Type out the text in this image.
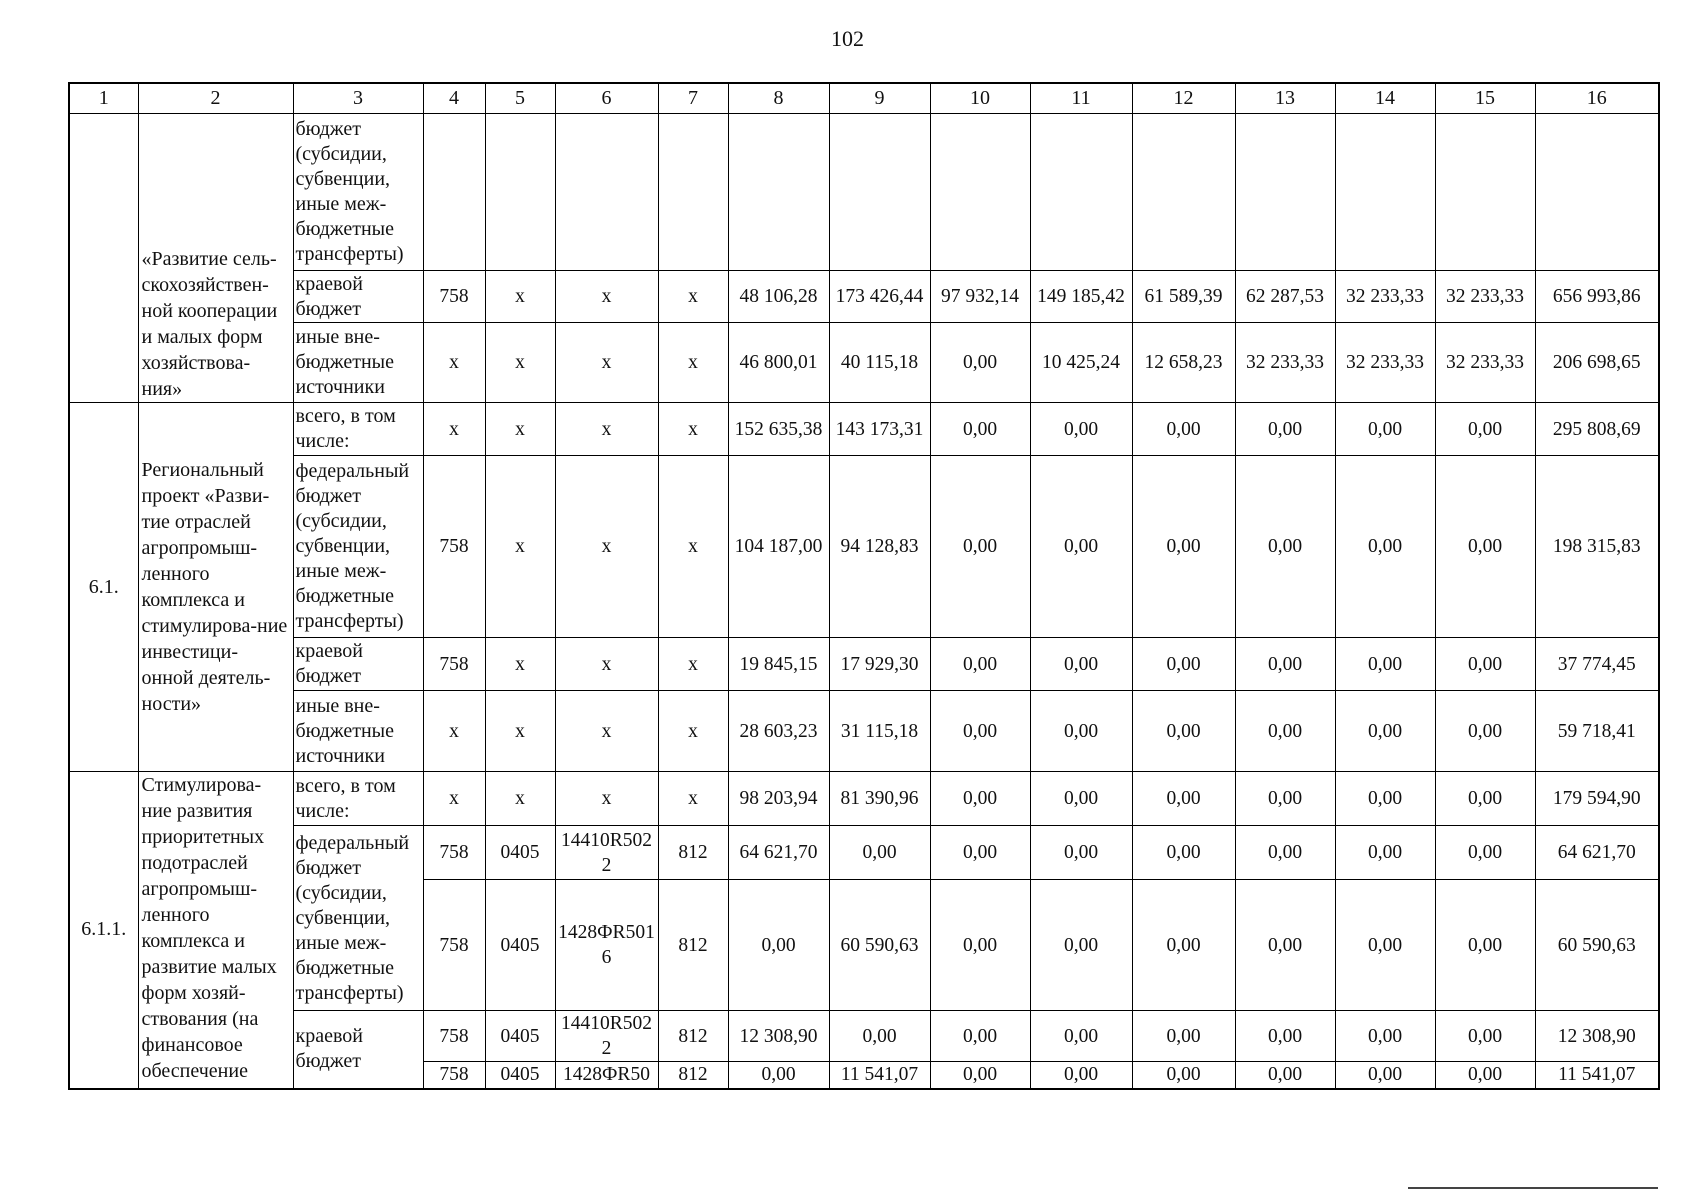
102
1	2	3	4	5	6	7	8	9	10	11	12	13	14	15	16
	«Развитие сель-скохозяйствен-ной кооперации и малых форм хозяйствова-ния»	бюджет (субсидии, субвенции, иные меж-бюджетные трансферты)													
		краевой бюджет	758	х	х	х	48 106,28	173 426,44	97 932,14	149 185,42	61 589,39	62 287,53	32 233,33	32 233,33	656 993,86
		иные вне-бюджетные источники	х	х	х	х	46 800,01	40 115,18	0,00	10 425,24	12 658,23	32 233,33	32 233,33	32 233,33	206 698,65
6.1.	Региональный проект «Разви-тие отраслей агропромыш-ленного комплекса и стимулирова-ние инвестици-онной деятель-ности»	всего, в том числе:	х	х	х	х	152 635,38	143 173,31	0,00	0,00	0,00	0,00	0,00	0,00	295 808,69
		федеральный бюджет (субсидии, субвенции, иные меж-бюджетные трансферты)	758	х	х	х	104 187,00	94 128,83	0,00	0,00	0,00	0,00	0,00	0,00	198 315,83
		краевой бюджет	758	х	х	х	19 845,15	17 929,30	0,00	0,00	0,00	0,00	0,00	0,00	37 774,45
		иные вне-бюджетные источники	х	х	х	х	28 603,23	31 115,18	0,00	0,00	0,00	0,00	0,00	0,00	59 718,41
6.1.1.	Стимулирова-ние развития приоритетных подотраслей агропромыш-ленного комплекса и развитие малых форм хозяй-ствования (на финансовое обеспечение	всего, в том числе:	х	х	х	х	98 203,94	81 390,96	0,00	0,00	0,00	0,00	0,00	0,00	179 594,90
		федеральный бюджет (субсидии, субвенции, иные меж-бюджетные трансферты)	758	0405	14410R5022	812	64 621,70	0,00	0,00	0,00	0,00	0,00	0,00	0,00	64 621,70
			758	0405	1428ФR5016	812	0,00	60 590,63	0,00	0,00	0,00	0,00	0,00	0,00	60 590,63
		краевой бюджет	758	0405	14410R5022	812	12 308,90	0,00	0,00	0,00	0,00	0,00	0,00	0,00	12 308,90
			758	0405	1428ФR50	812	0,00	11 541,07	0,00	0,00	0,00	0,00	0,00	0,00	11 541,07
